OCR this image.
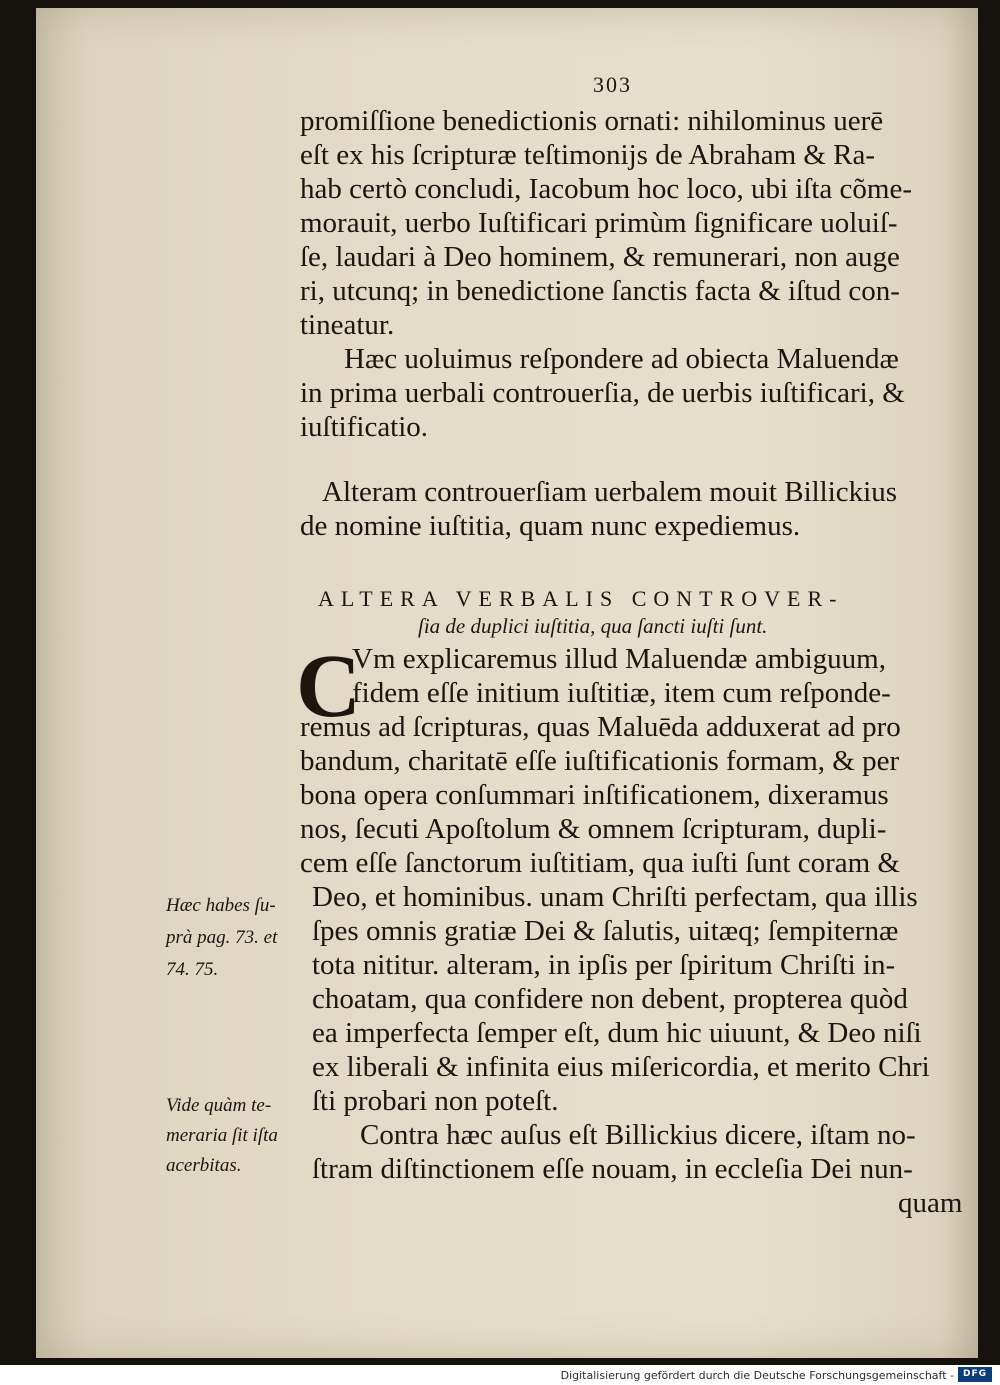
303
promiſſione benedictionis ornati: nihilominus uerē
eſt ex his ſcripturæ teſtimonijs de Abraham & Ra-
hab certò concludi, Iacobum hoc loco, ubi iſta cõme-
morauit, uerbo Iuſtificari primùm ſignificare uoluiſ-
ſe, laudari à Deo hominem, & remunerari, non auge
ri, utcunq; in benedictione ſanctis facta & iſtud con-
tineatur.
Hæc uoluimus reſpondere ad obiecta Maluendæ
in prima uerbali controuerſia, de uerbis iuſtificari, &
iuſtificatio.
Alteram controuerſiam uerbalem mouit Billickius
de nomine iuſtitia, quam nunc expediemus.
ALTERA VERBALIS CONTROVER-
ſia de duplici iuſtitia, qua ſancti iuſti ſunt.
C
Vm explicaremus illud Maluendæ ambiguum,
fidem eſſe initium iuſtitiæ, item cum reſponde-
remus ad ſcripturas, quas Maluēda adduxerat ad pro
bandum, charitatē eſſe iuſtificationis formam, & per
bona opera conſummari inſtificationem, dixeramus
nos, ſecuti Apoſtolum & omnem ſcripturam, dupli-
cem eſſe ſanctorum iuſtitiam, qua iuſti ſunt coram &
Deo, et hominibus. unam Chriſti perfectam, qua illis
ſpes omnis gratiæ Dei & ſalutis, uitæq; ſempiternæ
tota nititur. alteram, in ipſis per ſpiritum Chriſti in-
choatam, qua confidere non debent, propterea quòd
ea imperfecta ſemper eſt, dum hic uiuunt, & Deo niſi
ex liberali & infinita eius miſericordia, et merito Chri
ſti probari non poteſt.
Contra hæc auſus eſt Billickius dicere, iſtam no-
ſtram diſtinctionem eſſe nouam, in eccleſia Dei nun-
quam
Hæc habes ſu-
prà pag. 73. et
74. 75.
Vide quàm te-
meraria ſit iſta
acerbitas.
Digitalisierung gefördert durch die Deutsche Forschungsgemeinschaft - DFG
